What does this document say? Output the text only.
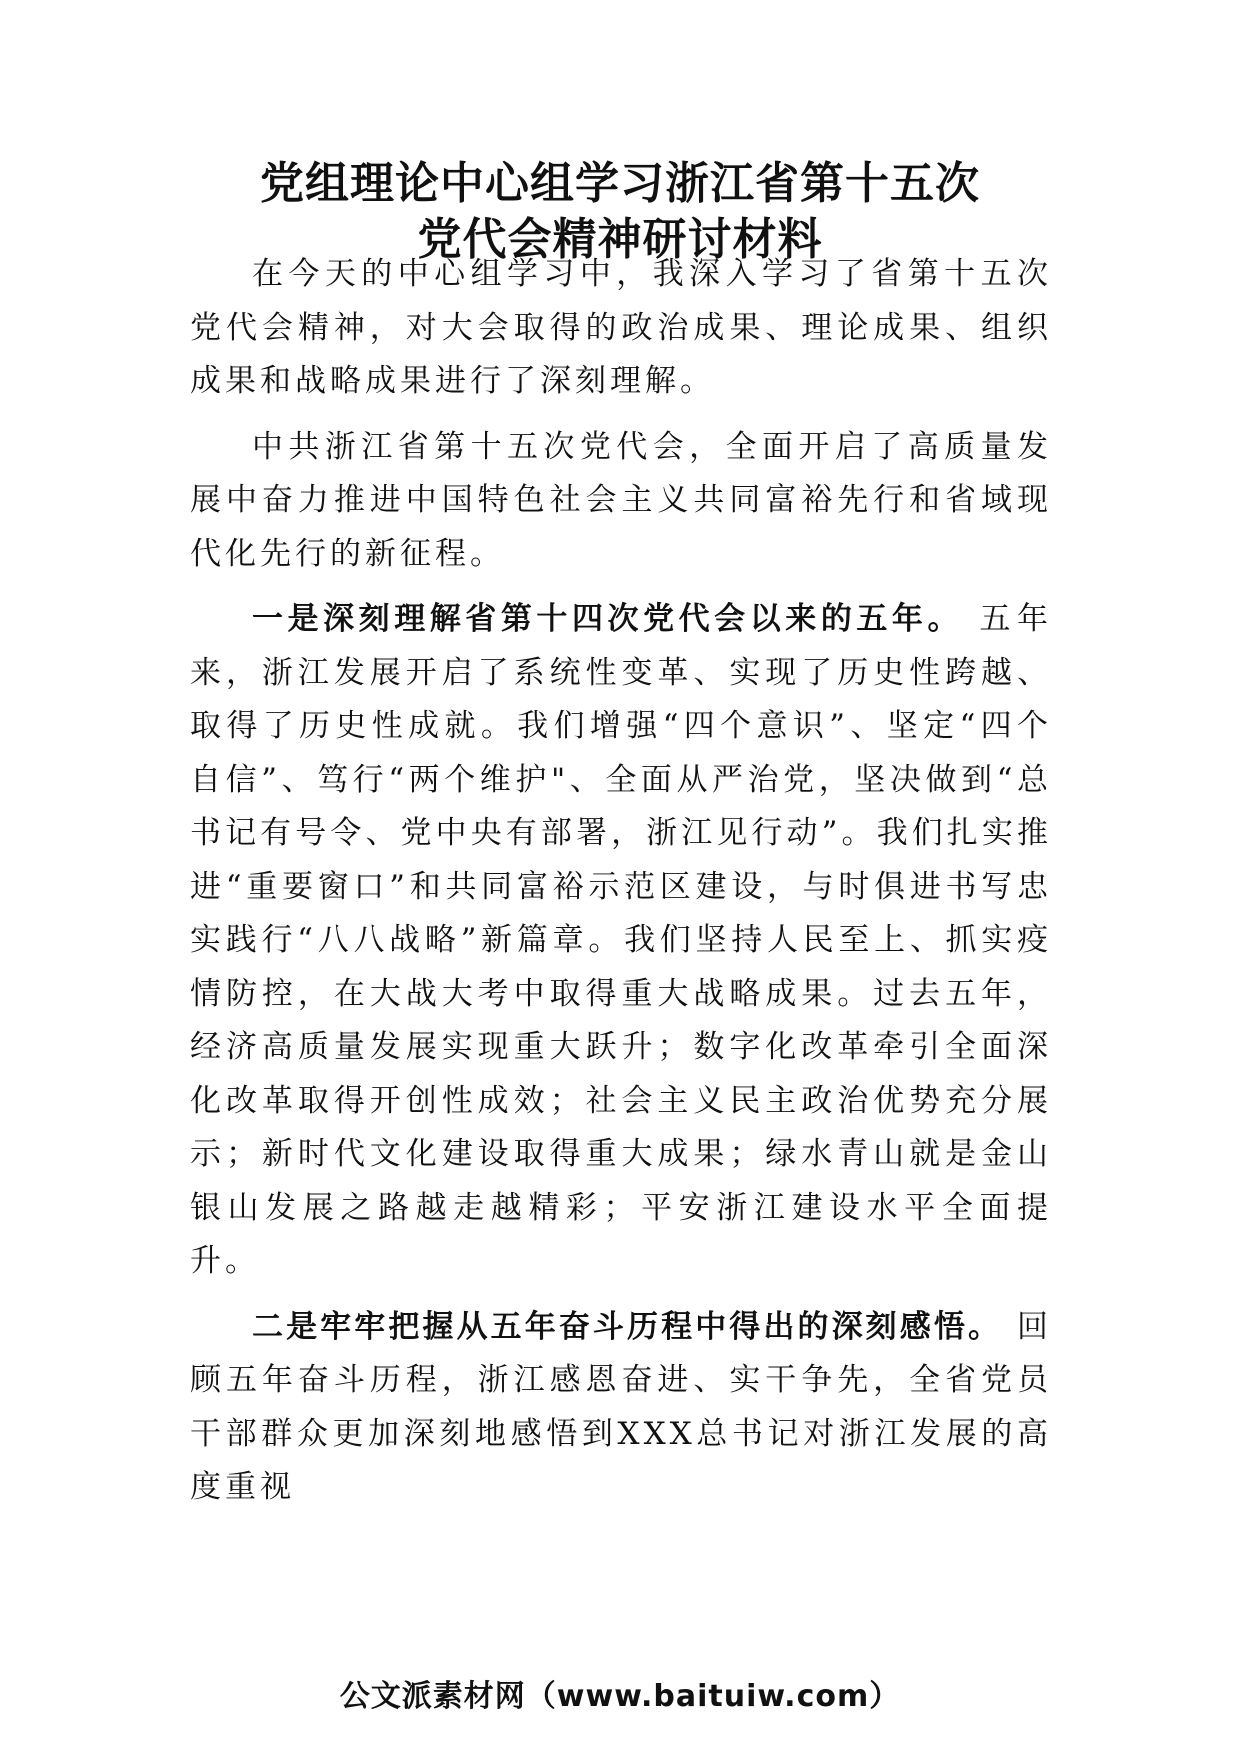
党组理论中心组学习浙江省第十五次
党代会精神研讨材料

在今天的中心组学习中，我深入学习了省第十五次党代会精神，对大会取得的政治成果、理论成果、组织成果和战略成果进行了深刻理解。

中共浙江省第十五次党代会，全面开启了高质量发展中奋力推进中国特色社会主义共同富裕先行和省域现代化先行的新征程。

一是深刻理解省第十四次党代会以来的五年。 五年来，浙江发展开启了系统性变革、实现了历史性跨越、取得了历史性成就。我们增强“四个意识”、坚定“四个自信”、笃行“两个维护"、全面从严治党，坚决做到“总书记有号令、党中央有部署，浙江见行动”。我们扎实推进“重要窗口”和共同富裕示范区建设，与时俱进书写忠实践行“八八战略”新篇章。我们坚持人民至上、抓实疫情防控，在大战大考中取得重大战略成果。过去五年，经济高质量发展实现重大跃升；数字化改革牵引全面深化改革取得开创性成效；社会主义民主政治优势充分展示；新时代文化建设取得重大成果；绿水青山就是金山银山发展之路越走越精彩；平安浙江建设水平全面提升。

二是牢牢把握从五年奋斗历程中得出的深刻感悟。 回顾五年奋斗历程，浙江感恩奋进、实干争先，全省党员干部群众更加深刻地感悟到XXX总书记对浙江发展的高度重视

公文派素材网（www.baituiw.com）
